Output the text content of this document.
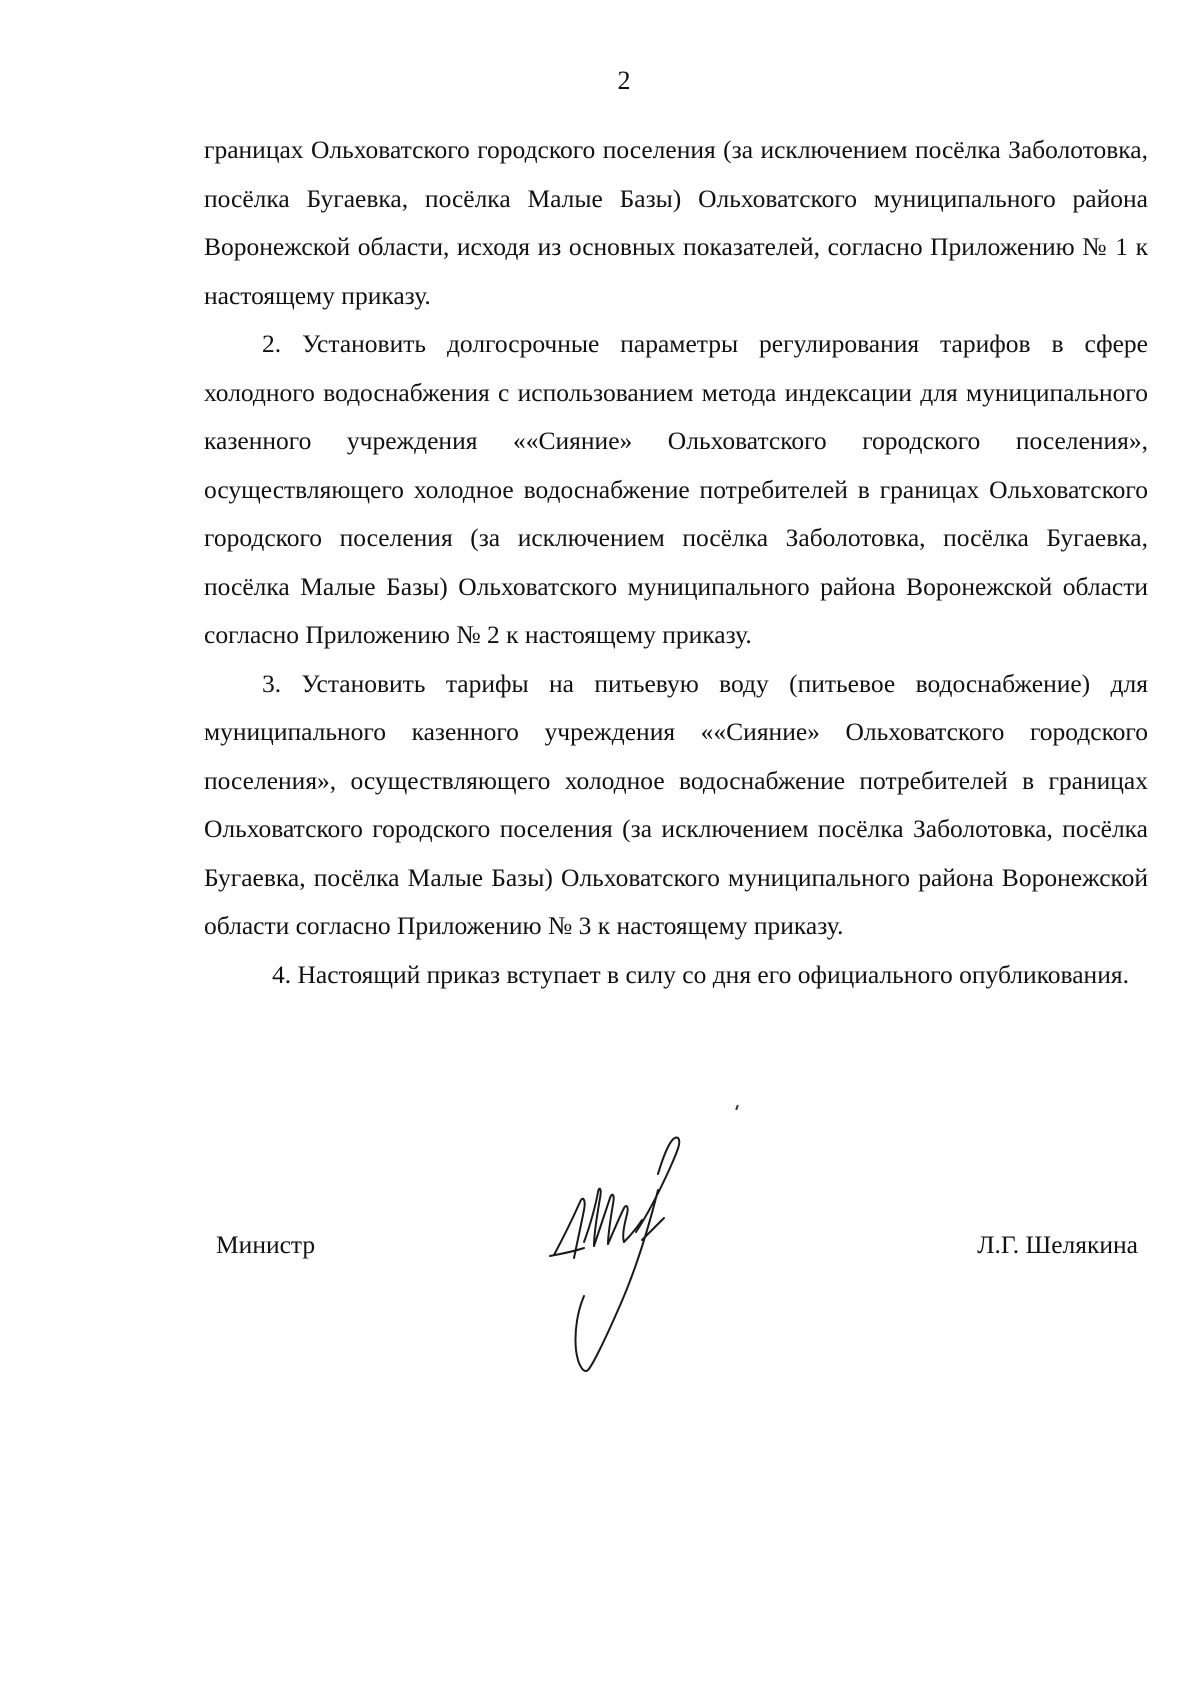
2

границах Ольховатского городского поселения (за исключением посёлка Заболотовка, посёлка Бугаевка, посёлка Малые Базы) Ольховатского муниципального района Воронежской области, исходя из основных показателей, согласно Приложению № 1 к настоящему приказу.

2. Установить долгосрочные параметры регулирования тарифов в сфере холодного водоснабжения с использованием метода индексации для муниципального казенного учреждения ««Сияние» Ольховатского городского поселения», осуществляющего холодное водоснабжение потребителей в границах Ольховатского городского поселения (за исключением посёлка Заболотовка, посёлка Бугаевка, посёлка Малые Базы) Ольховатского муниципального района Воронежской области согласно Приложению № 2 к настоящему приказу.

3. Установить тарифы на питьевую воду (питьевое водоснабжение) для муниципального казенного учреждения ««Сияние» Ольховатского городского поселения», осуществляющего холодное водоснабжение потребителей в границах Ольховатского городского поселения (за исключением посёлка Заболотовка, посёлка Бугаевка, посёлка Малые Базы) Ольховатского муниципального района Воронежской области согласно Приложению № 3 к настоящему приказу.

4. Настоящий приказ вступает в силу со дня его официального опубликования.

Министр	Л.Г. Шелякина
